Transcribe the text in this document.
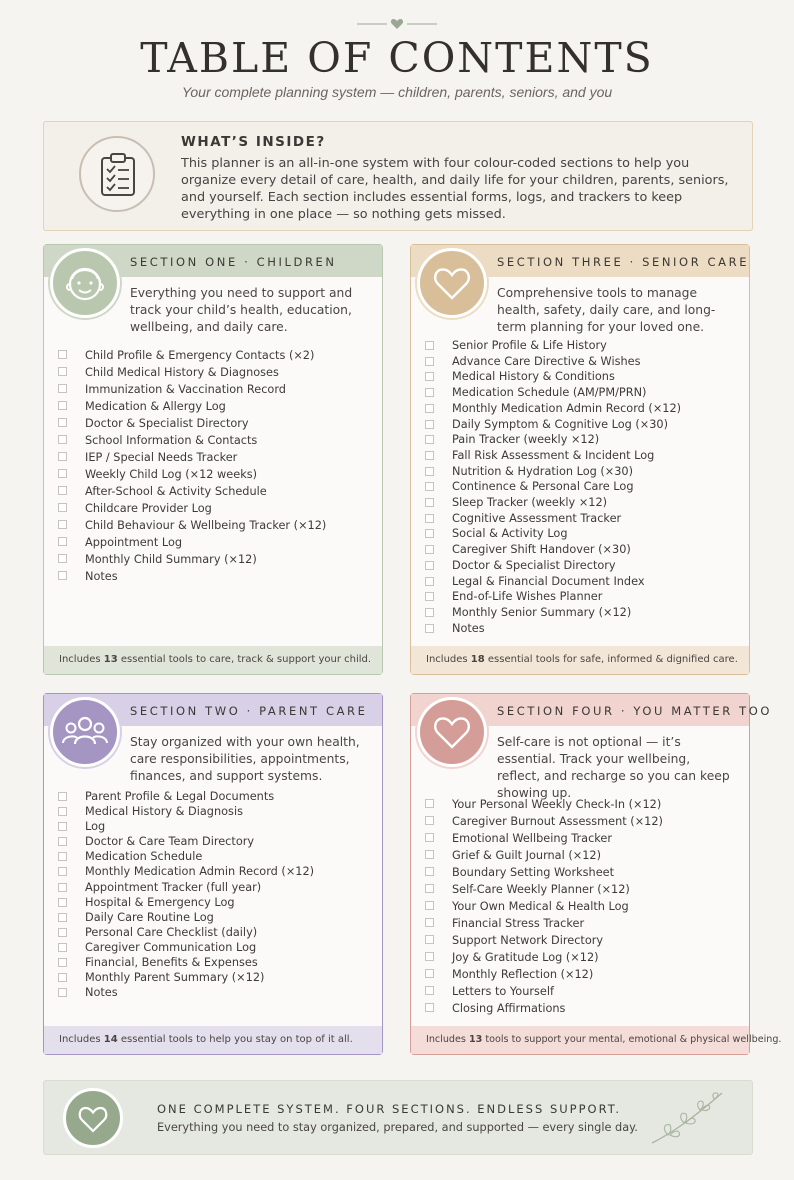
TABLE OF CONTENTS
Your complete planning system — children, parents, seniors, and you
WHAT’S INSIDE?
This planner is an all-in-one system with four colour-coded sections to help you organize every detail of care, health, and daily life for your children, parents, seniors, and yourself. Each section includes essential forms, logs, and trackers to keep everything in one place — so nothing gets missed.
SECTION ONE · CHILDREN
Everything you need to support and track your child’s health, education, wellbeing, and daily care.
Child Profile & Emergency Contacts (×2)
Child Medical History & Diagnoses
Immunization & Vaccination Record
Medication & Allergy Log
Doctor & Specialist Directory
School Information & Contacts
IEP / Special Needs Tracker
Weekly Child Log (×12 weeks)
After-School & Activity Schedule
Childcare Provider Log
Child Behaviour & Wellbeing Tracker (×12)
Appointment Log
Monthly Child Summary (×12)
Notes
Includes 13 essential tools to care, track & support your child.
SECTION THREE · SENIOR CARE
Comprehensive tools to manage health, safety, daily care, and long-term planning for your loved one.
Senior Profile & Life History
Advance Care Directive & Wishes
Medical History & Conditions
Medication Schedule (AM/PM/PRN)
Monthly Medication Admin Record (×12)
Daily Symptom & Cognitive Log (×30)
Pain Tracker (weekly ×12)
Fall Risk Assessment & Incident Log
Nutrition & Hydration Log (×30)
Continence & Personal Care Log
Sleep Tracker (weekly ×12)
Cognitive Assessment Tracker
Social & Activity Log
Caregiver Shift Handover (×30)
Doctor & Specialist Directory
Legal & Financial Document Index
End-of-Life Wishes Planner
Monthly Senior Summary (×12)
Notes
Includes 18 essential tools for safe, informed & dignified care.
SECTION TWO · PARENT CARE
Stay organized with your own health, care responsibilities, appointments, finances, and support systems.
Parent Profile & Legal Documents
Medical History & Diagnosis
Log
Doctor & Care Team Directory
Medication Schedule
Monthly Medication Admin Record (×12)
Appointment Tracker (full year)
Hospital & Emergency Log
Daily Care Routine Log
Personal Care Checklist (daily)
Caregiver Communication Log
Financial, Benefits & Expenses
Monthly Parent Summary (×12)
Notes
Includes 14 essential tools to help you stay on top of it all.
SECTION FOUR · YOU MATTER TOO
Self-care is not optional — it’s essential. Track your wellbeing, reflect, and recharge so you can keep showing up.
Your Personal Weekly Check-In (×12)
Caregiver Burnout Assessment (×12)
Emotional Wellbeing Tracker
Grief & Guilt Journal (×12)
Boundary Setting Worksheet
Self-Care Weekly Planner (×12)
Your Own Medical & Health Log
Financial Stress Tracker
Support Network Directory
Joy & Gratitude Log (×12)
Monthly Reflection (×12)
Letters to Yourself
Closing Affirmations
Includes 13 tools to support your mental, emotional & physical wellbeing.
ONE COMPLETE SYSTEM. FOUR SECTIONS. ENDLESS SUPPORT.
Everything you need to stay organized, prepared, and supported — every single day.
